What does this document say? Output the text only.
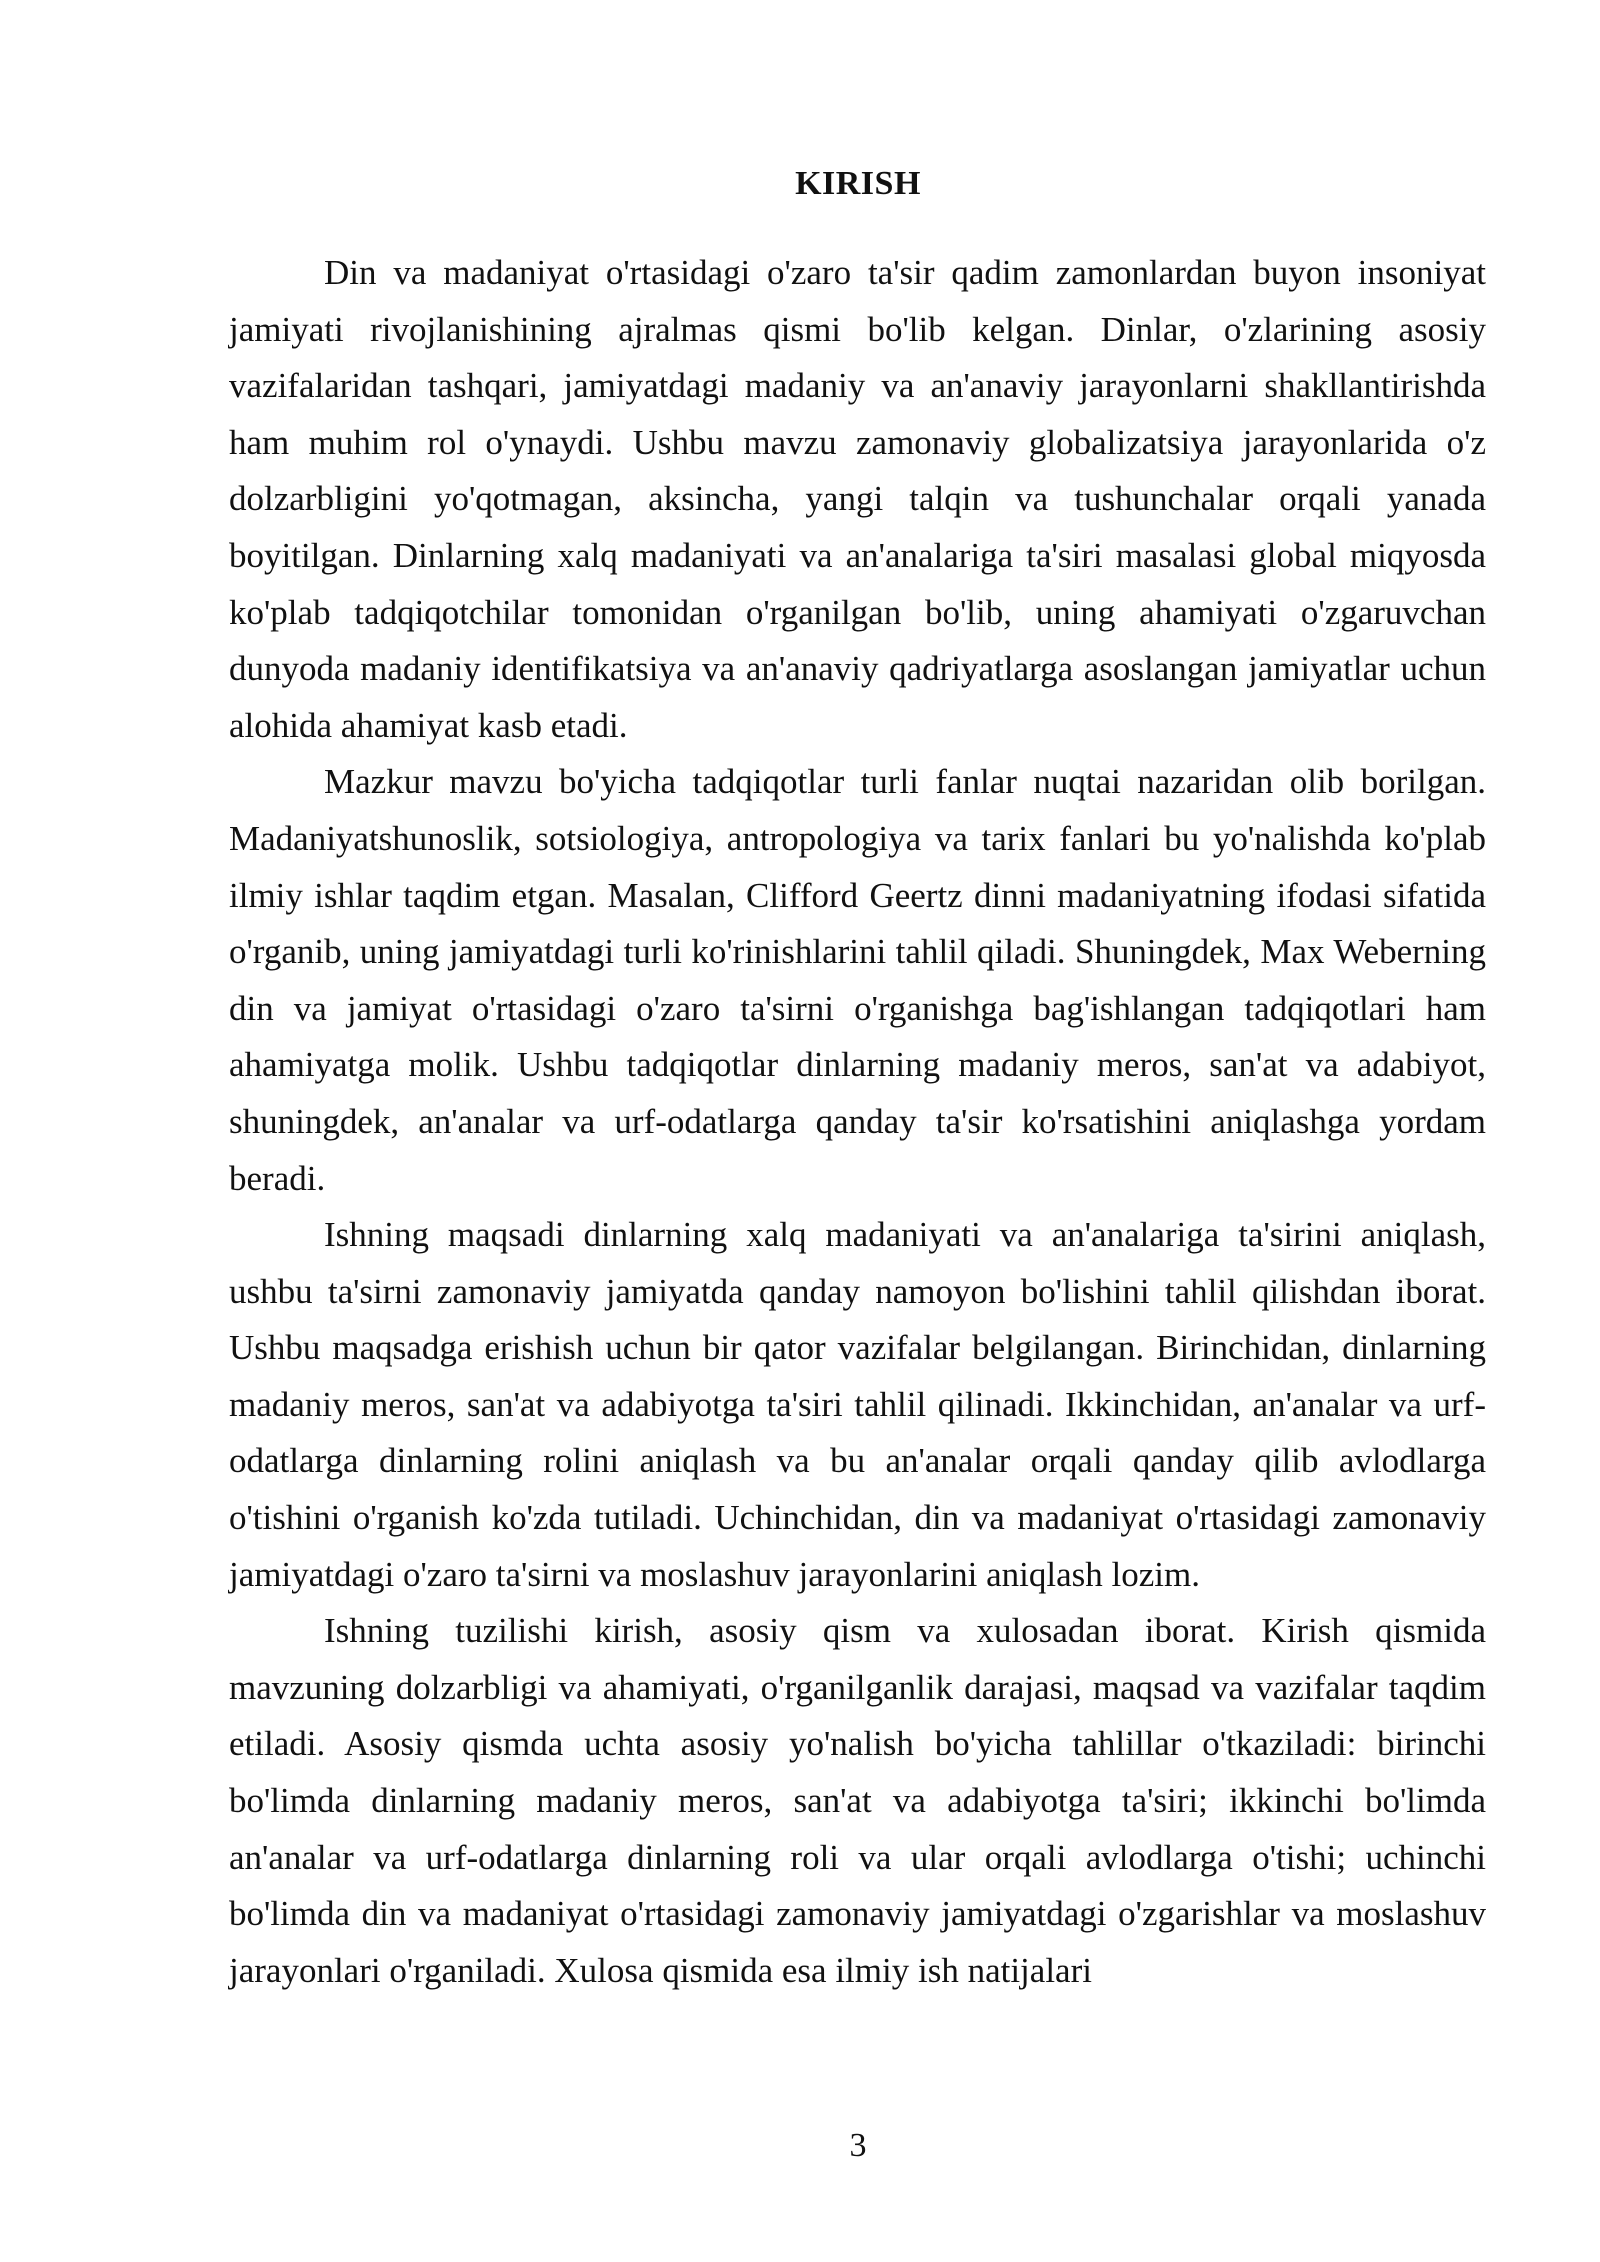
KIRISH

Din va madaniyat o'rtasidagi o'zaro ta'sir qadim zamonlardan buyon insoniyat jamiyati rivojlanishining ajralmas qismi bo'lib kelgan. Dinlar, o'zlarining asosiy vazifalaridan tashqari, jamiyatdagi madaniy va an'anaviy jarayonlarni shakllantirishda ham muhim rol o'ynaydi. Ushbu mavzu zamonaviy globalizatsiya jarayonlarida o'z dolzarbligini yo'qotmagan, aksincha, yangi talqin va tushunchalar orqali yanada boyitilgan. Dinlarning xalq madaniyati va an'analariga ta'siri masalasi global miqyosda ko'plab tadqiqotchilar tomonidan o'rganilgan bo'lib, uning ahamiyati o'zgaruvchan dunyoda madaniy identifikatsiya va an'anaviy qadriyatlarga asoslangan jamiyatlar uchun alohida ahamiyat kasb etadi.

Mazkur mavzu bo'yicha tadqiqotlar turli fanlar nuqtai nazaridan olib borilgan. Madaniyatshunoslik, sotsiologiya, antropologiya va tarix fanlari bu yo'nalishda ko'plab ilmiy ishlar taqdim etgan. Masalan, Clifford Geertz dinni madaniyatning ifodasi sifatida o'rganib, uning jamiyatdagi turli ko'rinishlarini tahlil qiladi. Shuningdek, Max Weberning din va jamiyat o'rtasidagi o'zaro ta'sirni o'rganishga bag'ishlangan tadqiqotlari ham ahamiyatga molik. Ushbu tadqiqotlar dinlarning madaniy meros, san'at va adabiyot, shuningdek, an'analar va urf-odatlarga qanday ta'sir ko'rsatishini aniqlashga yordam beradi.

Ishning maqsadi dinlarning xalq madaniyati va an'analariga ta'sirini aniqlash, ushbu ta'sirni zamonaviy jamiyatda qanday namoyon bo'lishini tahlil qilishdan iborat. Ushbu maqsadga erishish uchun bir qator vazifalar belgilangan. Birinchidan, dinlarning madaniy meros, san'at va adabiyotga ta'siri tahlil qilinadi. Ikkinchidan, an'analar va urf-odatlarga dinlarning rolini aniqlash va bu an'analar orqali qanday qilib avlodlarga o'tishini o'rganish ko'zda tutiladi. Uchinchidan, din va madaniyat o'rtasidagi zamonaviy jamiyatdagi o'zaro ta'sirni va moslashuv jarayonlarini aniqlash lozim.

Ishning tuzilishi kirish, asosiy qism va xulosadan iborat. Kirish qismida mavzuning dolzarbligi va ahamiyati, o'rganilganlik darajasi, maqsad va vazifalar taqdim etiladi. Asosiy qismda uchta asosiy yo'nalish bo'yicha tahlillar o'tkaziladi: birinchi bo'limda dinlarning madaniy meros, san'at va adabiyotga ta'siri; ikkinchi bo'limda an'analar va urf-odatlarga dinlarning roli va ular orqali avlodlarga o'tishi; uchinchi bo'limda din va madaniyat o'rtasidagi zamonaviy jamiyatdagi o'zgarishlar va moslashuv jarayonlari o'rganiladi. Xulosa qismida esa ilmiy ish natijalari

3
